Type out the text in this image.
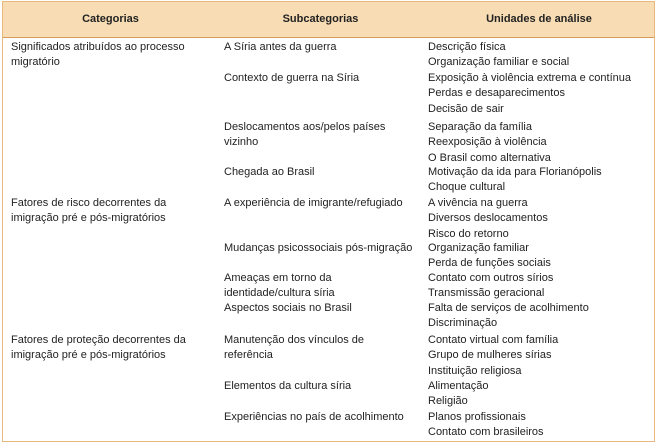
Categorias	Subcategorias	Unidades de análise
Significados atribuídos ao processo
migratório
Fatores de risco decorrentes da
imigração pré e pós-migratórios
Fatores de proteção decorrentes da
imigração pré e pós-migratórios
A Síria antes da guerra
Contexto de guerra na Síria
Deslocamentos aos/pelos países
vizinho
Chegada ao Brasil
A experiência de imigrante/refugiado
Mudanças psicossociais pós-migração
Ameaças em torno da
identidade/cultura síria
Aspectos sociais no Brasil
Manutenção dos vínculos de
referência
Elementos da cultura síria
Experiências no país de acolhimento
Descrição física
Organização familiar e social
Exposição à violência extrema e contínua
Perdas e desaparecimentos
Decisão de sair
Separação da família
Reexposição à violência
O Brasil como alternativa
Motivação da ida para Florianópolis
Choque cultural
A vivência na guerra
Diversos deslocamentos
Risco do retorno
Organização familiar
Perda de funções sociais
Contato com outros sírios
Transmissão geracional
Falta de serviços de acolhimento
Discriminação
Contato virtual com família
Grupo de mulheres sírias
Instituição religiosa
Alimentação
Religião
Planos profissionais
Contato com brasileiros
